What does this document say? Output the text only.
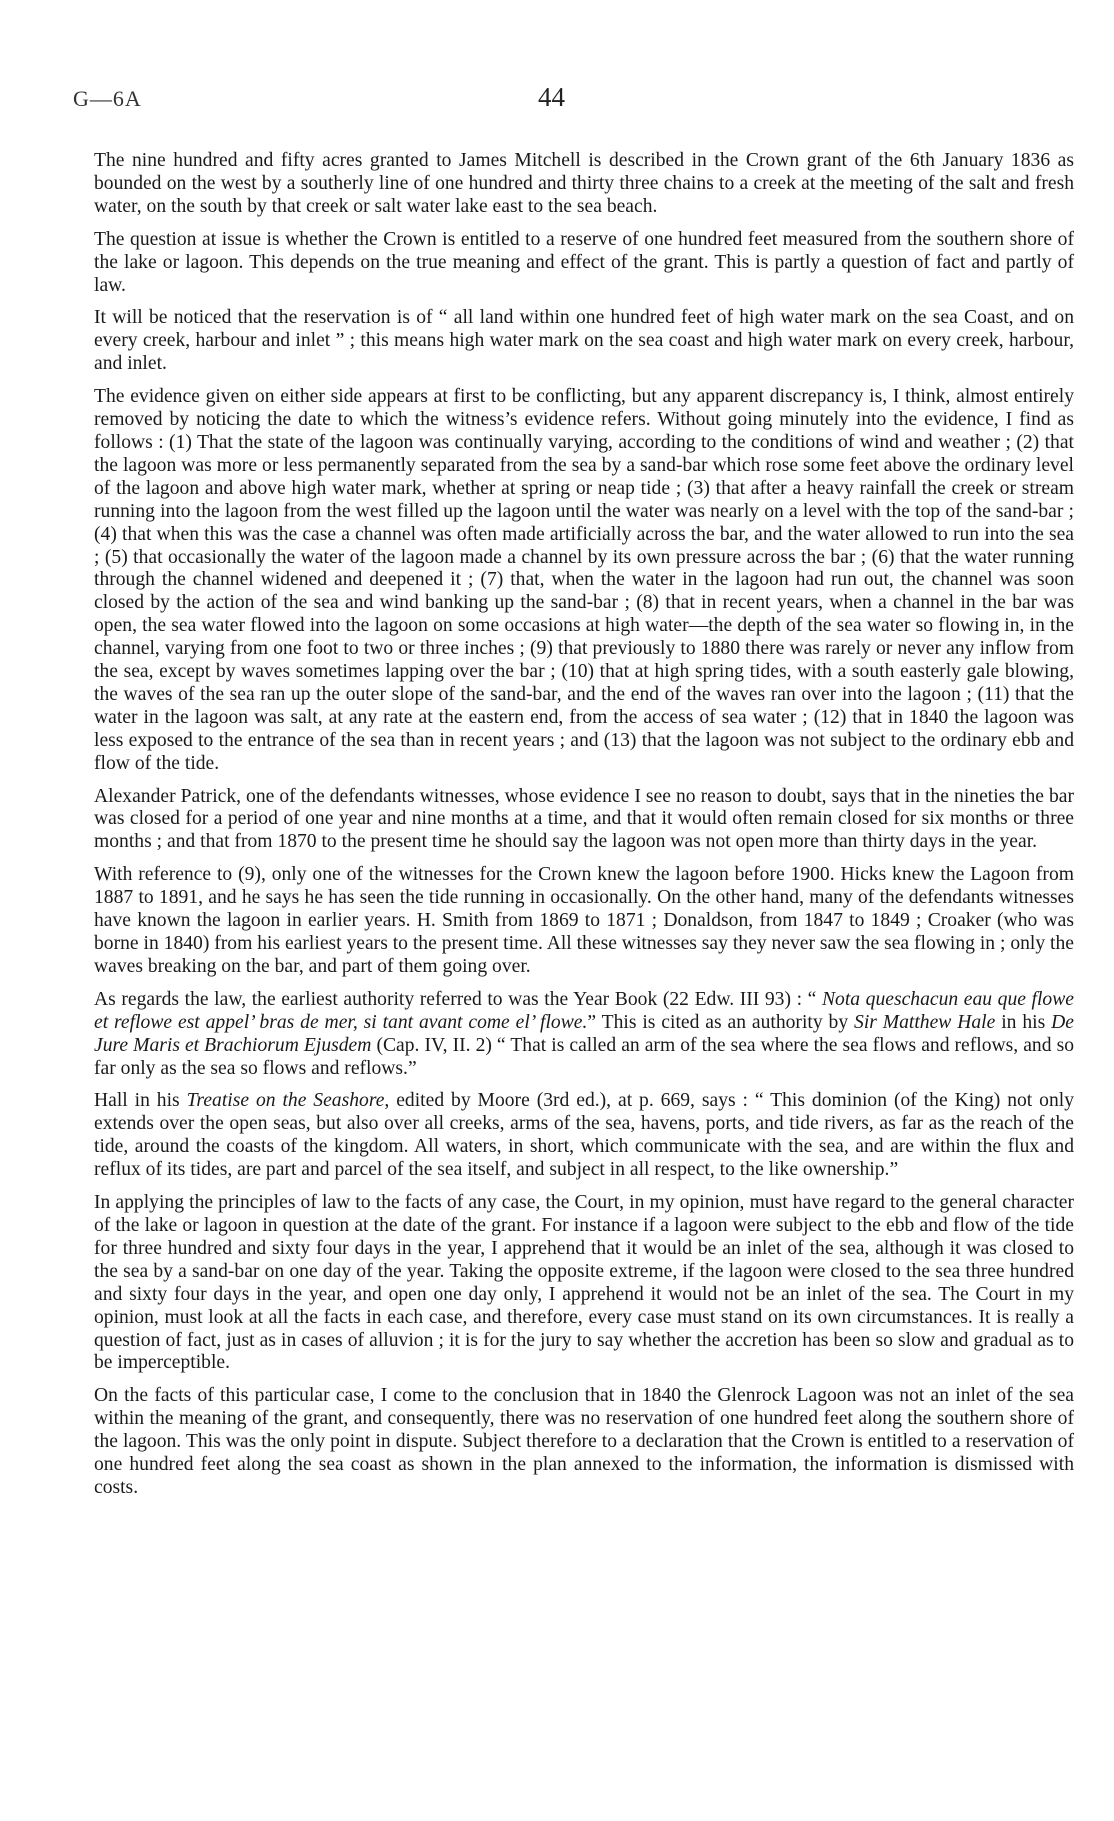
G—6A	44

The nine hundred and fifty acres granted to James Mitchell is described in the Crown grant of the 6th January 1836 as bounded on the west by a southerly line of one hundred and thirty three chains to a creek at the meeting of the salt and fresh water, on the south by that creek or salt water lake east to the sea beach.

The question at issue is whether the Crown is entitled to a reserve of one hundred feet measured from the southern shore of the lake or lagoon. This depends on the true meaning and effect of the grant. This is partly a question of fact and partly of law.

It will be noticed that the reservation is of “ all land within one hundred feet of high water mark on the sea Coast, and on every creek, harbour and inlet ” ; this means high water mark on the sea coast and high water mark on every creek, harbour, and inlet.

The evidence given on either side appears at first to be conflicting, but any apparent discrepancy is, I think, almost entirely removed by noticing the date to which the witness’s evidence refers. Without going minutely into the evidence, I find as follows : (1) That the state of the lagoon was continually varying, according to the conditions of wind and weather ; (2) that the lagoon was more or less permanently separated from the sea by a sand-bar which rose some feet above the ordinary level of the lagoon and above high water mark, whether at spring or neap tide ; (3) that after a heavy rainfall the creek or stream running into the lagoon from the west filled up the lagoon until the water was nearly on a level with the top of the sand-bar ; (4) that when this was the case a channel was often made artificially across the bar, and the water allowed to run into the sea ; (5) that occasionally the water of the lagoon made a channel by its own pressure across the bar ; (6) that the water running through the channel widened and deepened it ; (7) that, when the water in the lagoon had run out, the channel was soon closed by the action of the sea and wind banking up the sand-bar ; (8) that in recent years, when a channel in the bar was open, the sea water flowed into the lagoon on some occasions at high water—the depth of the sea water so flowing in, in the channel, varying from one foot to two or three inches ; (9) that previously to 1880 there was rarely or never any inflow from the sea, except by waves sometimes lapping over the bar ; (10) that at high spring tides, with a south easterly gale blowing, the waves of the sea ran up the outer slope of the sand-bar, and the end of the waves ran over into the lagoon ; (11) that the water in the lagoon was salt, at any rate at the eastern end, from the access of sea water ; (12) that in 1840 the lagoon was less exposed to the entrance of the sea than in recent years ; and (13) that the lagoon was not subject to the ordinary ebb and flow of the tide.

Alexander Patrick, one of the defendants witnesses, whose evidence I see no reason to doubt, says that in the nineties the bar was closed for a period of one year and nine months at a time, and that it would often remain closed for six months or three months ; and that from 1870 to the present time he should say the lagoon was not open more than thirty days in the year.

With reference to (9), only one of the witnesses for the Crown knew the lagoon before 1900. Hicks knew the Lagoon from 1887 to 1891, and he says he has seen the tide running in occasionally. On the other hand, many of the defendants witnesses have known the lagoon in earlier years. H. Smith from 1869 to 1871 ; Donaldson, from 1847 to 1849 ; Croaker (who was borne in 1840) from his earliest years to the present time. All these witnesses say they never saw the sea flowing in ; only the waves breaking on the bar, and part of them going over.

As regards the law, the earliest authority referred to was the Year Book (22 Edw. III 93) : “ Nota queschacun eau que flowe et reflowe est appel’ bras de mer, si tant avant come el’ flowe.” This is cited as an authority by Sir Matthew Hale in his De Jure Maris et Brachiorum Ejusdem (Cap. IV, II. 2) “ That is called an arm of the sea where the sea flows and reflows, and so far only as the sea so flows and reflows.”

Hall in his Treatise on the Seashore, edited by Moore (3rd ed.), at p. 669, says : “ This dominion (of the King) not only extends over the open seas, but also over all creeks, arms of the sea, havens, ports, and tide rivers, as far as the reach of the tide, around the coasts of the kingdom. All waters, in short, which communicate with the sea, and are within the flux and reflux of its tides, are part and parcel of the sea itself, and subject in all respect, to the like ownership.”

In applying the principles of law to the facts of any case, the Court, in my opinion, must have regard to the general character of the lake or lagoon in question at the date of the grant. For instance if a lagoon were subject to the ebb and flow of the tide for three hundred and sixty four days in the year, I apprehend that it would be an inlet of the sea, although it was closed to the sea by a sand-bar on one day of the year. Taking the opposite extreme, if the lagoon were closed to the sea three hundred and sixty four days in the year, and open one day only, I apprehend it would not be an inlet of the sea. The Court in my opinion, must look at all the facts in each case, and therefore, every case must stand on its own circumstances. It is really a question of fact, just as in cases of alluvion ; it is for the jury to say whether the accretion has been so slow and gradual as to be imperceptible.

On the facts of this particular case, I come to the conclusion that in 1840 the Glenrock Lagoon was not an inlet of the sea within the meaning of the grant, and consequently, there was no reservation of one hundred feet along the southern shore of the lagoon. This was the only point in dispute. Subject therefore to a declaration that the Crown is entitled to a reservation of one hundred feet along the sea coast as shown in the plan annexed to the information, the information is dismissed with costs.
